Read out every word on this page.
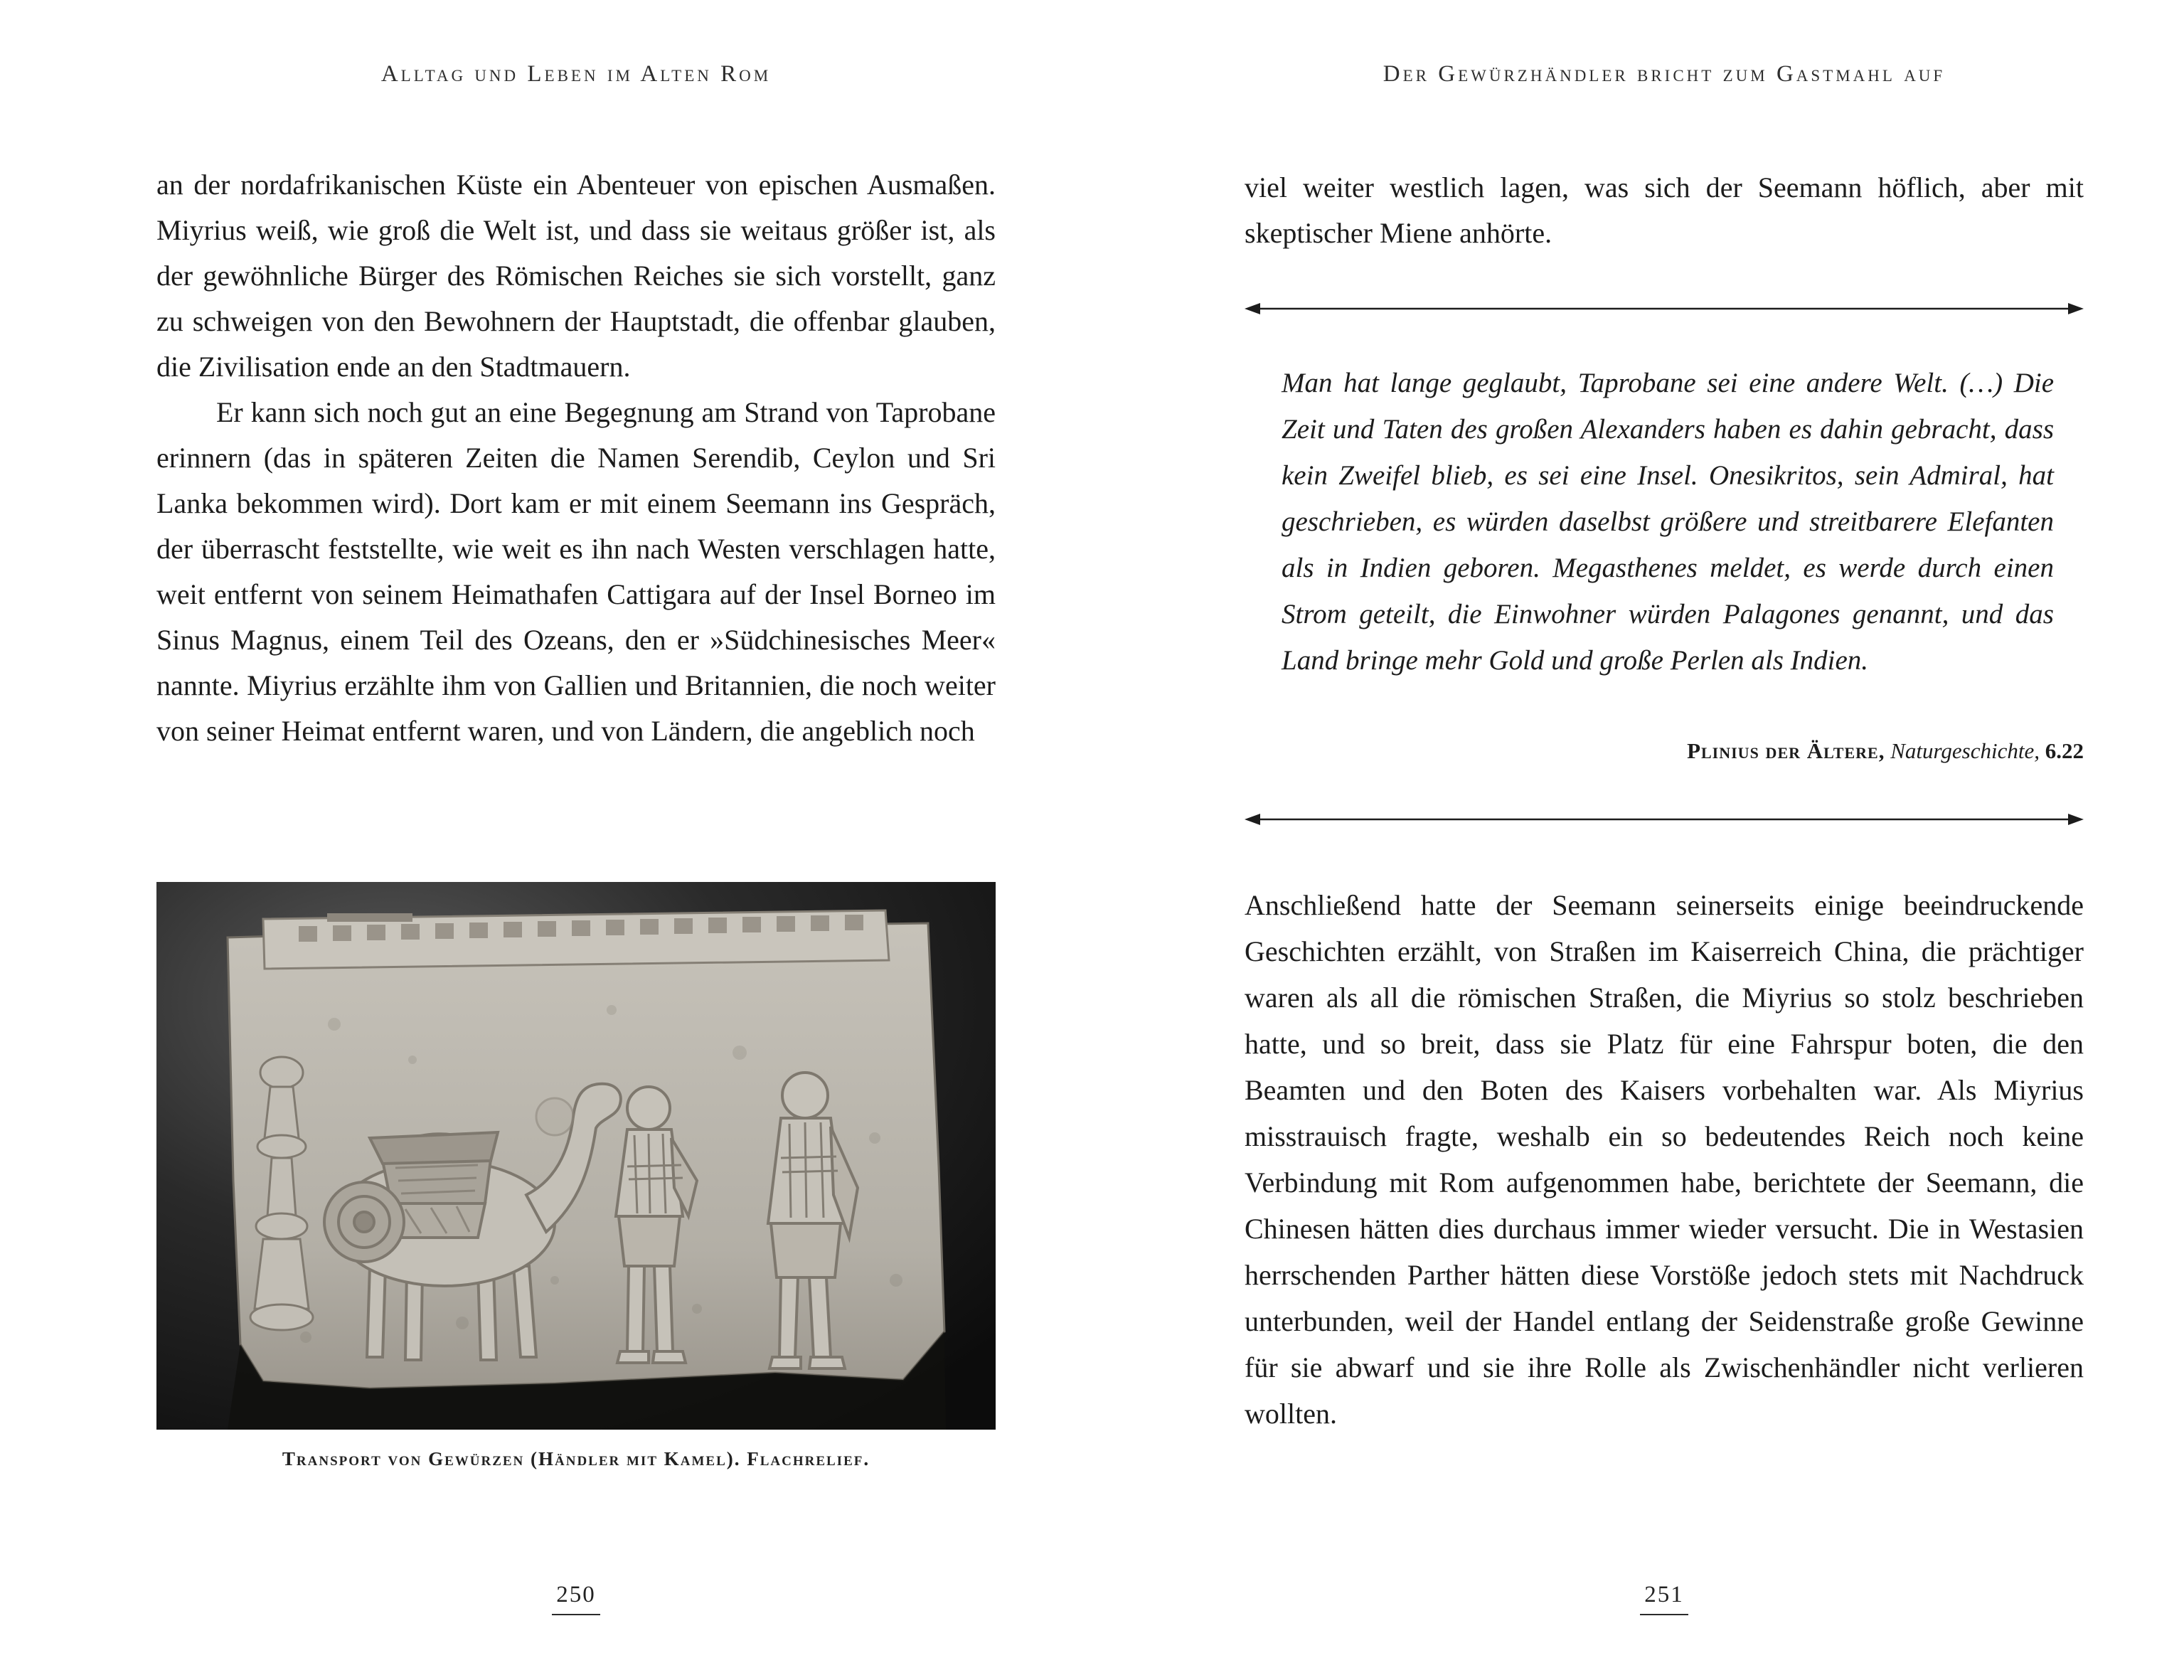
Alltag und Leben im Alten Rom

an der nordafrikanischen Küste ein Abenteuer von epischen Ausmaßen. Miyrius weiß, wie groß die Welt ist, und dass sie weitaus größer ist, als der gewöhnliche Bürger des Römischen Reiches sie sich vorstellt, ganz zu schweigen von den Bewohnern der Hauptstadt, die offenbar glauben, die Zivilisation ende an den Stadtmauern.

Er kann sich noch gut an eine Begegnung am Strand von Taprobane erinnern (das in späteren Zeiten die Namen Serendib, Ceylon und Sri Lanka bekommen wird). Dort kam er mit einem Seemann ins Gespräch, der überrascht feststellte, wie weit es ihn nach Westen verschlagen hatte, weit entfernt von seinem Heimathafen Cattigara auf der Insel Borneo im Sinus Magnus, einem Teil des Ozeans, den er »Südchinesisches Meer« nannte. Miyrius erzählte ihm von Gallien und Britannien, die noch weiter von seiner Heimat entfernt waren, und von Ländern, die angeblich noch

Transport von Gewürzen (Händler mit Kamel). Flachrelief.
250
Der Gewürzhändler bricht zum Gastmahl auf

viel weiter westlich lagen, was sich der Seemann höflich, aber mit skeptischer Miene anhörte.

Man hat lange geglaubt, Taprobane sei eine andere Welt. (…) Die Zeit und Taten des großen Alexanders haben es dahin gebracht, dass kein Zweifel blieb, es sei eine Insel. Onesikritos, sein Admiral, hat geschrieben, es würden daselbst größere und streitbarere Elefanten als in Indien geboren. Megasthenes meldet, es werde durch einen Strom geteilt, die Einwohner würden Palagones genannt, und das Land bringe mehr Gold und große Perlen als Indien.
Plinius der Ältere, Naturgeschichte, 6.22

Anschließend hatte der Seemann seinerseits einige beeindruckende Geschichten erzählt, von Straßen im Kaiserreich China, die prächtiger waren als all die römischen Straßen, die Miyrius so stolz beschrieben hatte, und so breit, dass sie Platz für eine Fahrspur boten, die den Beamten und den Boten des Kaisers vorbehalten war. Als Miyrius misstrauisch fragte, weshalb ein so bedeutendes Reich noch keine Verbindung mit Rom aufgenommen habe, berichtete der Seemann, die Chinesen hätten dies durchaus immer wieder versucht. Die in Westasien herrschenden Parther hätten diese Vorstöße jedoch stets mit Nachdruck unterbunden, weil der Handel entlang der Seidenstraße große Gewinne für sie abwarf und sie ihre Rolle als Zwischenhändler nicht verlieren wollten.

251
